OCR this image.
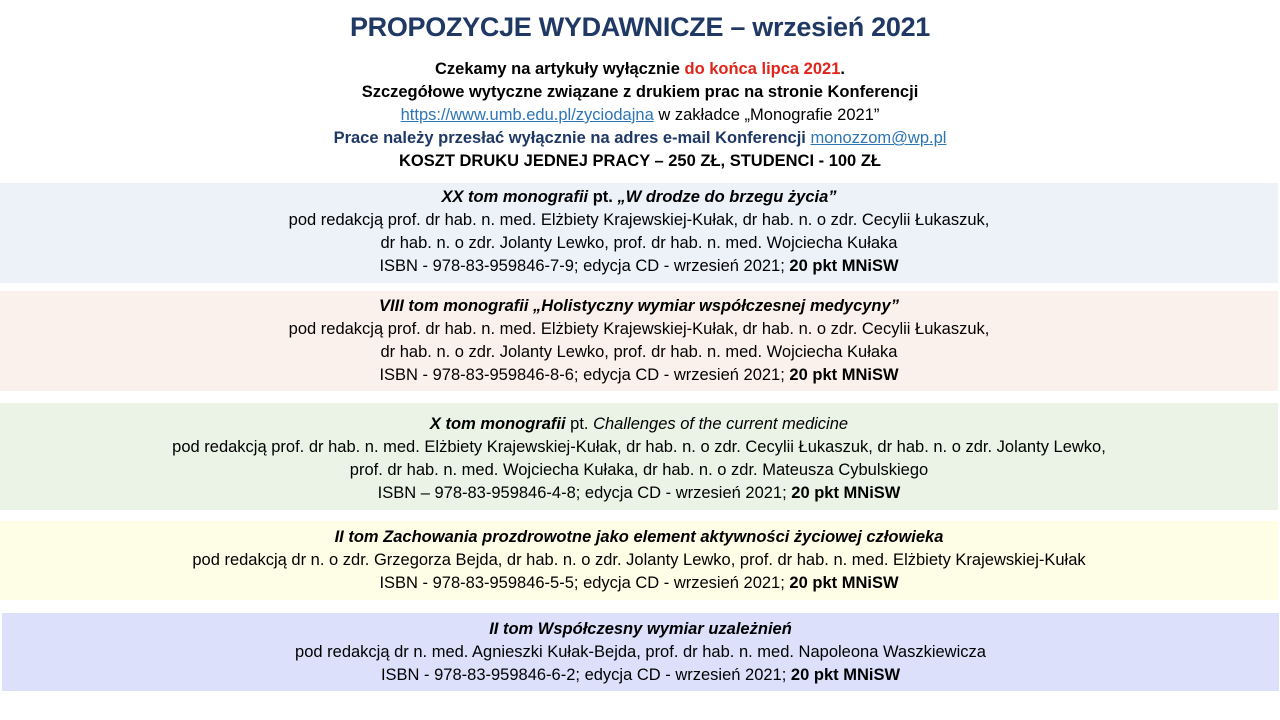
PROPOZYCJE WYDAWNICZE – wrzesień 2021
Czekamy na artykuły wyłącznie do końca lipca 2021.
Szczegółowe wytyczne związane z drukiem prac na stronie Konferencji
https://www.umb.edu.pl/zyciodajna w zakładce „Monografie 2021”
Prace należy przesłać wyłącznie na adres e-mail Konferencji monozzom@wp.pl
KOSZT DRUKU JEDNEJ PRACY – 250 ZŁ, STUDENCI - 100 ZŁ
XX tom monografii pt. „W drodze do brzegu życia”
pod redakcją prof. dr hab. n. med. Elżbiety Krajewskiej-Kułak, dr hab. n. o zdr. Cecylii Łukaszuk,
dr hab. n. o zdr. Jolanty Lewko, prof. dr hab. n. med. Wojciecha Kułaka
ISBN - 978-83-959846-7-9; edycja CD - wrzesień 2021; 20 pkt MNiSW
VIII tom monografii „Holistyczny wymiar współczesnej medycyny”
pod redakcją prof. dr hab. n. med. Elżbiety Krajewskiej-Kułak, dr hab. n. o zdr. Cecylii Łukaszuk,
dr hab. n. o zdr. Jolanty Lewko, prof. dr hab. n. med. Wojciecha Kułaka
ISBN - 978-83-959846-8-6; edycja CD - wrzesień 2021; 20 pkt MNiSW
X tom monografii pt. Challenges of the current medicine
pod redakcją prof. dr hab. n. med. Elżbiety Krajewskiej-Kułak, dr hab. n. o zdr. Cecylii Łukaszuk, dr hab. n. o zdr. Jolanty Lewko,
prof. dr hab. n. med. Wojciecha Kułaka, dr hab. n. o zdr. Mateusza Cybulskiego
ISBN – 978-83-959846-4-8; edycja CD - wrzesień 2021; 20 pkt MNiSW
II tom Zachowania prozdrowotne jako element aktywności życiowej człowieka
pod redakcją dr n. o zdr. Grzegorza Bejda, dr hab. n. o zdr. Jolanty Lewko, prof. dr hab. n. med. Elżbiety Krajewskiej-Kułak
ISBN - 978-83-959846-5-5; edycja CD - wrzesień 2021; 20 pkt MNiSW
II tom Współczesny wymiar uzależnień
pod redakcją dr n. med. Agnieszki Kułak-Bejda, prof. dr hab. n. med. Napoleona Waszkiewicza
ISBN - 978-83-959846-6-2; edycja CD - wrzesień 2021; 20 pkt MNiSW
